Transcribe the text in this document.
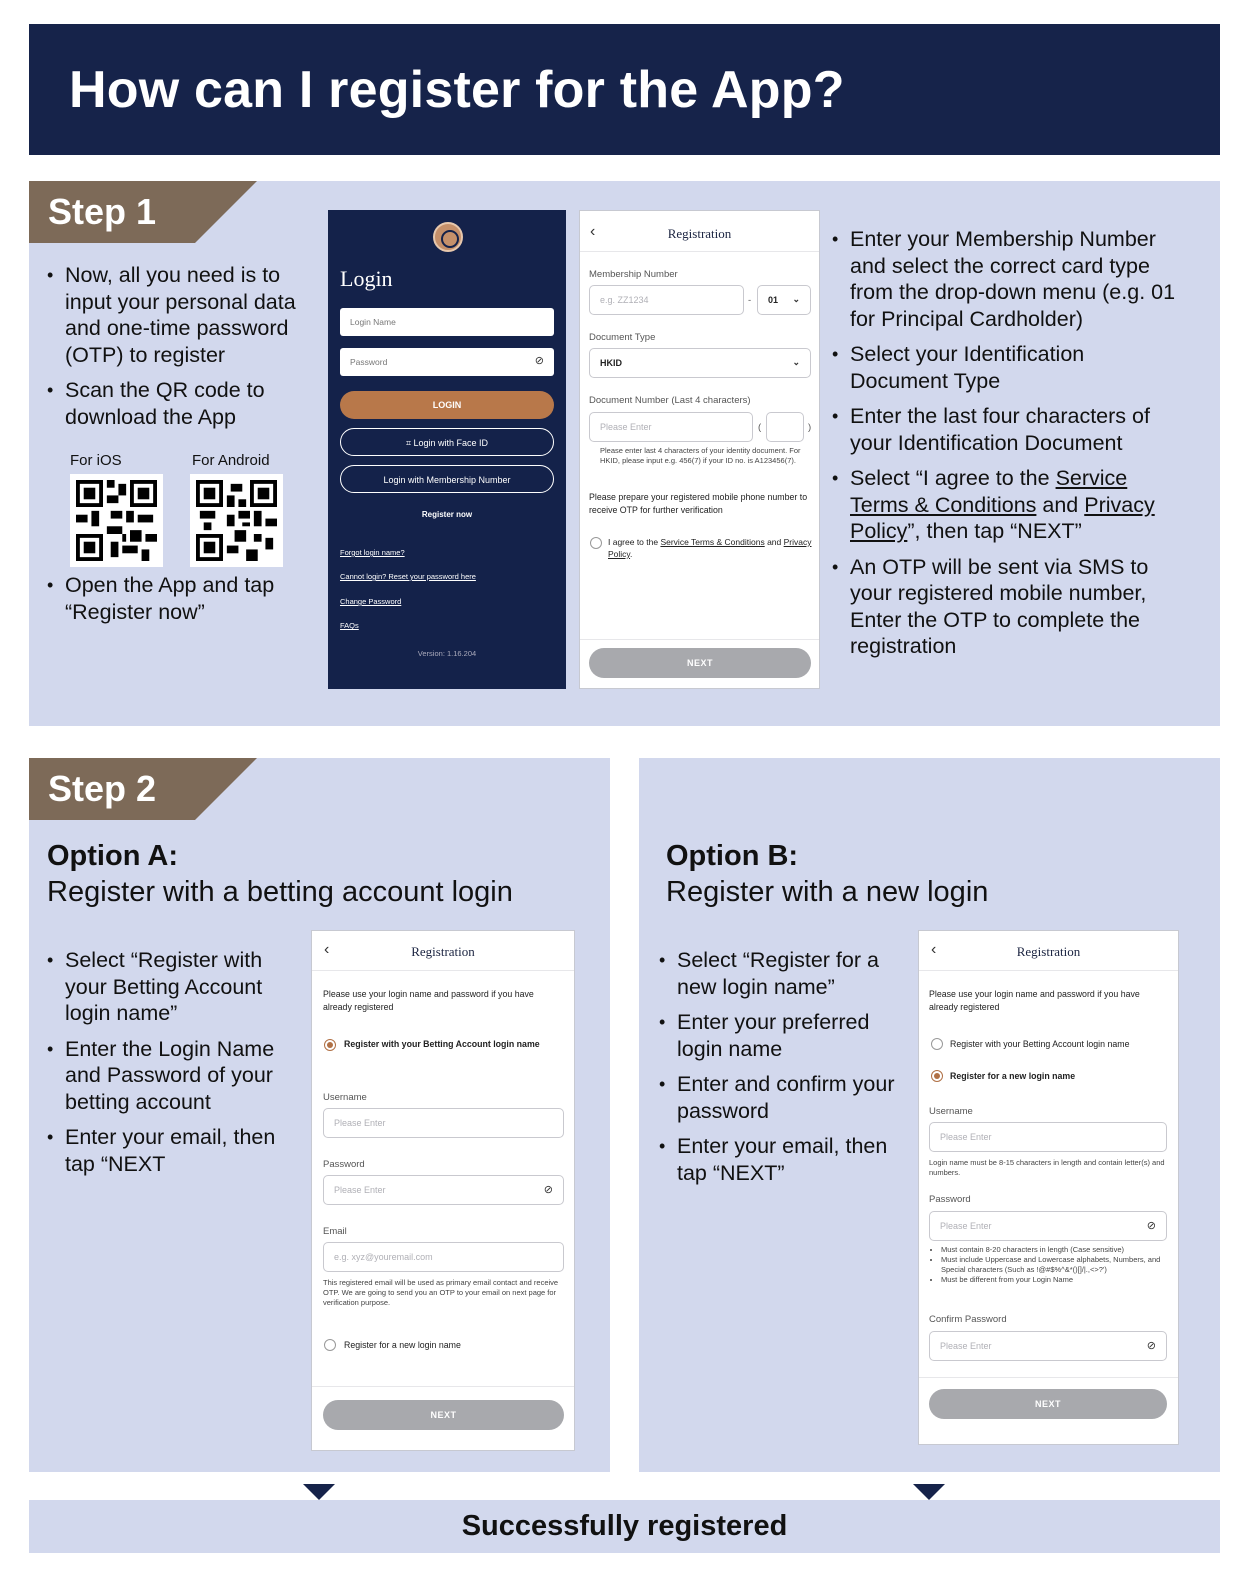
How can I register for the App?
Step 1
• Now, all you need is to input your personal data and one-time password (OTP) to register
• Scan the QR code to download the App
For iOS	For Android
• Open the App and tap “Register now”
Login
Login Name
Password	⊘
LOGIN
⌗ Login with Face ID
Login with Membership Number
Register now
Forgot login name?
Cannot login? Reset your password here
Change Password
FAQs
Version: 1.16.204
‹	Registration
Membership Number
e.g. ZZ1234	-	01 ⌄
Document Type
HKID	⌄
Document Number (Last 4 characters)
Please Enter	(	)
Please enter last 4 characters of your identity document. For HKID, please input e.g. 456(7) if your ID no. is A123456(7).
Please prepare your registered mobile phone number to receive OTP for further verification
I agree to the Service Terms & Conditions and Privacy Policy.
NEXT
• Enter your Membership Number and select the correct card type from the drop-down menu (e.g. 01 for Principal Cardholder)
• Select your Identification Document Type
• Enter the last four characters of your Identification Document
• Select “I agree to the Service Terms & Conditions and Privacy Policy”, then tap “NEXT”
• An OTP will be sent via SMS to your registered mobile number, Enter the OTP to complete the registration
Step 2
Option A:
Register with a betting account login
• Select “Register with your Betting Account login name”
• Enter the Login Name and Password of your betting account
• Enter your email, then tap “NEXT
‹	Registration
Please use your login name and password if you have already registered
Register with your Betting Account login name
Username
Please Enter
Password
Please Enter	⊘
Email
e.g. xyz@youremail.com
This registered email will be used as primary email contact and receive OTP. We are going to send you an OTP to your email on next page for verification purpose.
Register for a new login name
NEXT
Option B:
Register with a new login
• Select “Register for a new login name”
• Enter your preferred login name
• Enter and confirm your password
• Enter your email, then tap “NEXT”
‹	Registration
Please use your login name and password if you have already registered
Register with your Betting Account login name
Register for a new login name
Username
Please Enter
Login name must be 8-15 characters in length and contain letter(s) and numbers.
Password
Please Enter	⊘
• Must contain 8-20 characters in length (Case sensitive)
• Must include Uppercase and Lowercase alphabets, Numbers, and Special characters (Such as !@#$%^&*()[]/|.,<>?')
• Must be different from your Login Name
Confirm Password
Please Enter	⊘
NEXT
Successfully registered
